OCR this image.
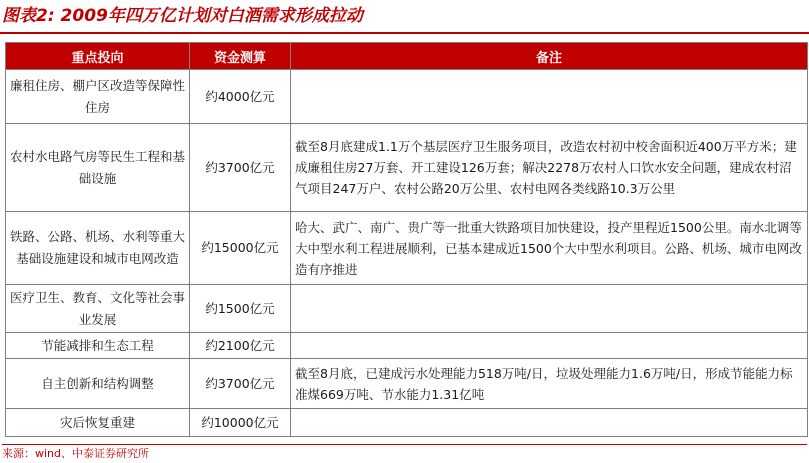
图表2: 2009年四万亿计划对白酒需求形成拉动
重点投向	资金测算	备注
廉租住房、棚户区改造等保障性住房	约4000亿元	
农村水电路气房等民生工程和基础设施	约3700亿元	截至8月底建成1.1万个基层医疗卫生服务项目，改造农村初中校舍面积近400万平方米；建成廉租住房27万套、开工建设126万套；解决2278万农村人口饮水安全问题，建成农村沼气项目247万户、农村公路20万公里、农村电网各类线路10.3万公里
铁路、公路、机场、水利等重大基础设施建设和城市电网改造	约15000亿元	哈大、武广、南广、贵广等一批重大铁路项目加快建设，投产里程近1500公里。南水北调等大中型水利工程进展顺利，已基本建成近1500个大中型水利项目。公路、机场、城市电网改造有序推进
医疗卫生、教育、文化等社会事业发展	约1500亿元	
节能减排和生态工程	约2100亿元	
自主创新和结构调整	约3700亿元	截至8月底，已建成污水处理能力518万吨/日，垃圾处理能力1.6万吨/日，形成节能能力标准煤669万吨、节水能力1.31亿吨
灾后恢复重建	约10000亿元	
来源：wind、中泰证券研究所
